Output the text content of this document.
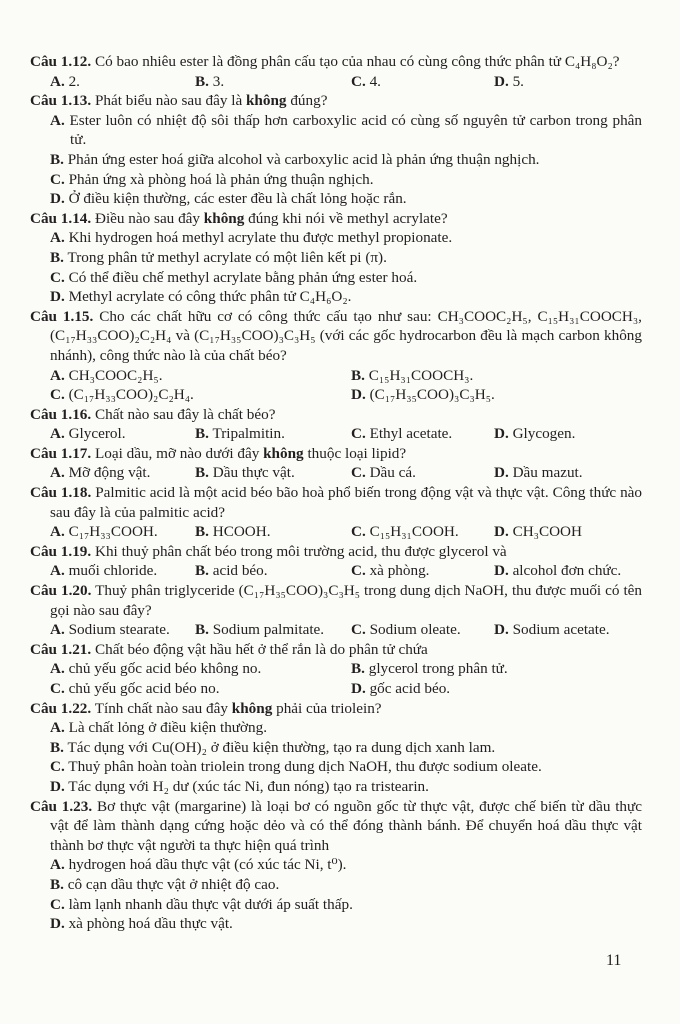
Câu 1.12. Có bao nhiêu ester là đồng phân cấu tạo của nhau có cùng công thức phân tử C₄H₈O₂?
A. 2.	B. 3.	C. 4.	D. 5.
Câu 1.13. Phát biểu nào sau đây là không đúng?
A. Ester luôn có nhiệt độ sôi thấp hơn carboxylic acid có cùng số nguyên tử carbon trong phân tử.
B. Phản ứng ester hoá giữa alcohol và carboxylic acid là phản ứng thuận nghịch.
C. Phản ứng xà phòng hoá là phản ứng thuận nghịch.
D. Ở điều kiện thường, các ester đều là chất lỏng hoặc rắn.
Câu 1.14. Điều nào sau đây không đúng khi nói về methyl acrylate?
A. Khi hydrogen hoá methyl acrylate thu được methyl propionate.
B. Trong phân tử methyl acrylate có một liên kết pi (π).
C. Có thể điều chế methyl acrylate bằng phản ứng ester hoá.
D. Methyl acrylate có công thức phân tử C₄H₆O₂.
Câu 1.15. Cho các chất hữu cơ có công thức cấu tạo như sau: CH₃COOC₂H₅, C₁₅H₃₁COOCH₃, (C₁₇H₃₃COO)₂C₂H₄ và (C₁₇H₃₅COO)₃C₃H₅ (với các gốc hydrocarbon đều là mạch carbon không nhánh), công thức nào là của chất béo?
A. CH₃COOC₂H₅.	B. C₁₅H₃₁COOCH₃.
C. (C₁₇H₃₃COO)₂C₂H₄.	D. (C₁₇H₃₅COO)₃C₃H₅.
Câu 1.16. Chất nào sau đây là chất béo?
A. Glycerol.	B. Tripalmitin.	C. Ethyl acetate.	D. Glycogen.
Câu 1.17. Loại dầu, mỡ nào dưới đây không thuộc loại lipid?
A. Mỡ động vật.	B. Dầu thực vật.	C. Dầu cá.	D. Dầu mazut.
Câu 1.18. Palmitic acid là một acid béo bão hoà phổ biến trong động vật và thực vật. Công thức nào sau đây là của palmitic acid?
A. C₁₇H₃₃COOH.	B. HCOOH.	C. C₁₅H₃₁COOH.	D. CH₃COOH
Câu 1.19. Khi thuỷ phân chất béo trong môi trường acid, thu được glycerol và
A. muối chloride.	B. acid béo.	C. xà phòng.	D. alcohol đơn chức.
Câu 1.20. Thuỷ phân triglyceride (C₁₇H₃₅COO)₃C₃H₅ trong dung dịch NaOH, thu được muối có tên gọi nào sau đây?
A. Sodium stearate.	B. Sodium palmitate.	C. Sodium oleate.	D. Sodium acetate.
Câu 1.21. Chất béo động vật hầu hết ở thể rắn là do phân tử chứa
A. chủ yếu gốc acid béo không no.	B. glycerol trong phân tử.
C. chủ yếu gốc acid béo no.	D. gốc acid béo.
Câu 1.22. Tính chất nào sau đây không phải của triolein?
A. Là chất lỏng ở điều kiện thường.
B. Tác dụng với Cu(OH)₂ ở điều kiện thường, tạo ra dung dịch xanh lam.
C. Thuỷ phân hoàn toàn triolein trong dung dịch NaOH, thu được sodium oleate.
D. Tác dụng với H₂ dư (xúc tác Ni, đun nóng) tạo ra tristearin.
Câu 1.23. Bơ thực vật (margarine) là loại bơ có nguồn gốc từ thực vật, được chế biến từ dầu thực vật để làm thành dạng cứng hoặc dẻo và có thể đóng thành bánh. Để chuyển hoá dầu thực vật thành bơ thực vật người ta thực hiện quá trình
A. hydrogen hoá dầu thực vật (có xúc tác Ni, t⁰).
B. cô cạn dầu thực vật ở nhiệt độ cao.
C. làm lạnh nhanh dầu thực vật dưới áp suất thấp.
D. xà phòng hoá dầu thực vật.
11
